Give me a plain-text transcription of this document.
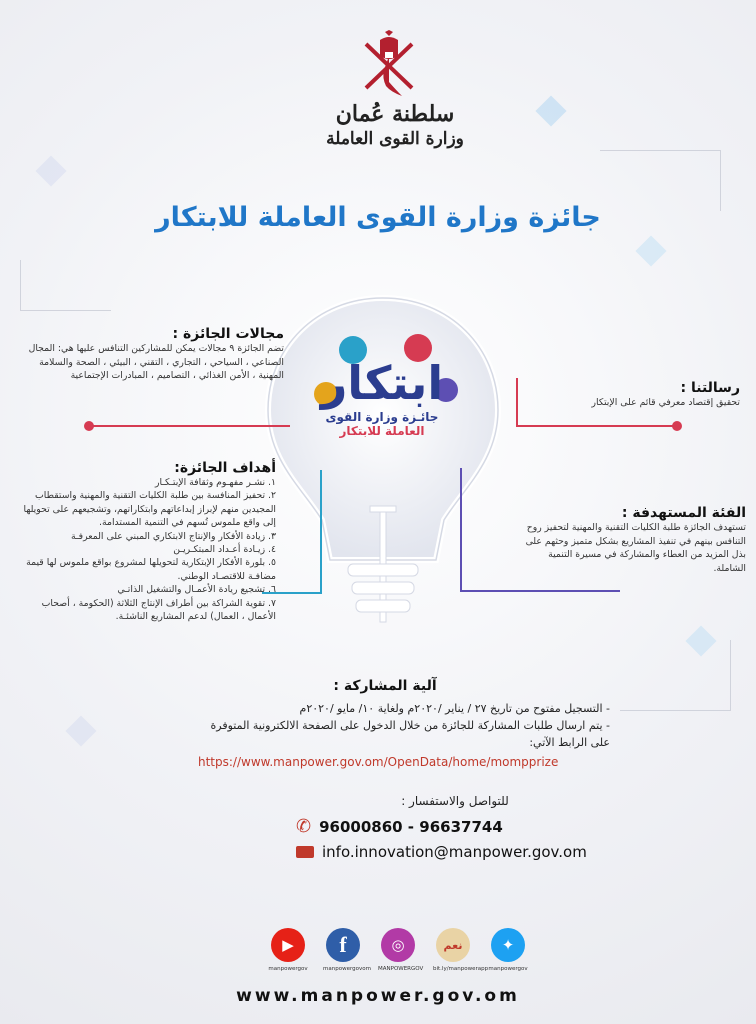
سلطنة عُمان
وزارة القوى العاملة
جائزة وزارة القوى العاملة للابتكار
ابتكار
جائـزة وزارة القوى
العاملة للابتكار
مجالات الجائزة :

تضم الجائزة ٩ مجالات يمكن للمشاركين التنافس عليها هي: المجال الصناعي ، السياحي ، التجاري ، التقني ، البيئي ، الصحة والسلامة المهنية ، الأمن الغذائي ، التصاميم ، المبادرات الإجتماعية

رسالتنا :

تحقيق إقتصاد معرفي قائم على الإبتكار

أهداف الجائزة:
١. نشـر مفهـوم وثقافة الإبتـكـار
٢. تحفيز المنافسة بين طلبة الكليات التقنية والمهنية واستقطاب المجيدين منهم لإبراز إبداعاتهم وابتكاراتهم، وتشجيعهم على تحويلها إلى واقع ملموس تُسهم في التنمية المستدامة.
٣. زيادة الأفكار والإنتاج الابتكاري المبني على المعرفـة
٤. زيـادة أعـداد المبتكـريـن
٥. بلورة الأفكار الإبتكارية لتحويلها لمشروع بواقع ملموس لها قيمة مضافـة للاقتصـاد الوطني.
٦. تشجيع ريادة الأعمـال والتشغيل الذاتـي
٧. تقوية الشراكة بين أطراف الإنتاج الثلاثة (الحكومة ، أصحاب الأعمال ، العمال) لدعم المشاريع الناشئـة.
الفئة المستهدفة :

تستهدف الجائزة طلبة الكليات التقنية والمهنية لتحفيز روح التنافس بينهم في تنفيذ المشاريع بشكل متميز وحثهم على بذل المزيد من العطاء والمشاركة في مسيرة التنمية الشاملة.

آلية المشاركة :
- التسجيل مفتوح من تاريخ ٢٧ / يناير /٢٠٢٠م ولغاية ١٠/ مايو /٢٠٢٠م
- يتم ارسال طلبات المشاركة للجائزة من خلال الدخول على الصفحة الالكترونية المتوفرة
على الرابط الآتي:
https://www.manpower.gov.om/OpenData/home/mompprize
للتواصل والاستفسار :
✆ 96000860 - 96637744
info.innovation@manpower.gov.om
▶
manpowergov
f
manpowergovom
◎
MANPOWERGOV
نعم
bit.ly/manpowerapp
✦
manpowergov
www.manpower.gov.om
